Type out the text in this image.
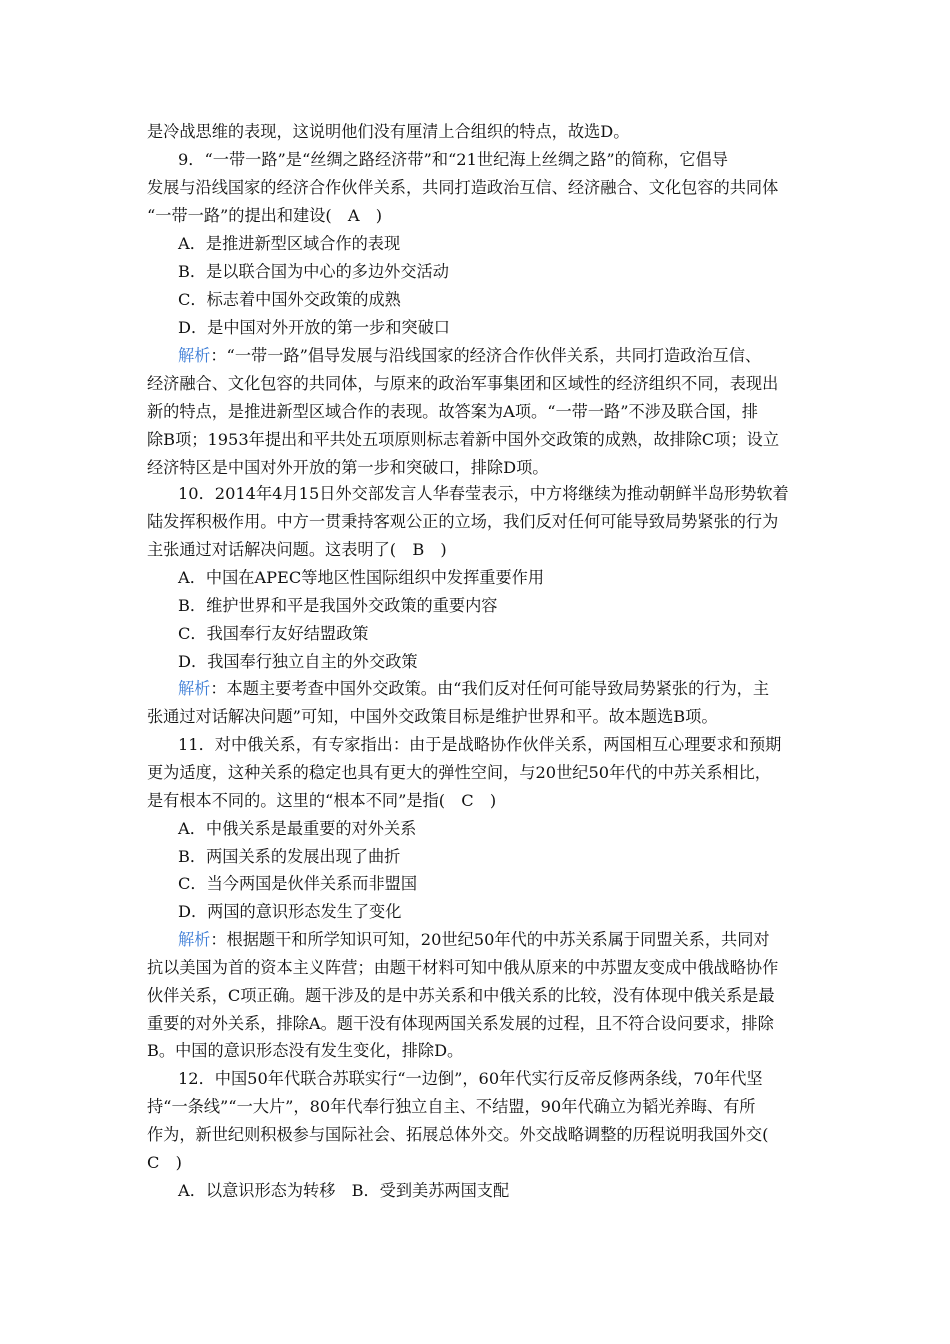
是冷战思维的表现，这说明他们没有厘清上合组织的特点，故选D。
9．“一带一路”是“丝绸之路经济带”和“21世纪海上丝绸之路”的简称，它倡导
发展与沿线国家的经济合作伙伴关系，共同打造政治互信、经济融合、文化包容的共同体
“一带一路”的提出和建设(　A　)
A．是推进新型区域合作的表现
B．是以联合国为中心的多边外交活动
C．标志着中国外交政策的成熟
D．是中国对外开放的第一步和突破口
解析：“一带一路”倡导发展与沿线国家的经济合作伙伴关系，共同打造政治互信、
经济融合、文化包容的共同体，与原来的政治军事集团和区域性的经济组织不同，表现出
新的特点，是推进新型区域合作的表现。故答案为A项。“一带一路”不涉及联合国，排
除B项；1953年提出和平共处五项原则标志着新中国外交政策的成熟，故排除C项；设立
经济特区是中国对外开放的第一步和突破口，排除D项。
10．2014年4月15日外交部发言人华春莹表示，中方将继续为推动朝鲜半岛形势软着
陆发挥积极作用。中方一贯秉持客观公正的立场，我们反对任何可能导致局势紧张的行为
主张通过对话解决问题。这表明了(　B　)
A．中国在APEC等地区性国际组织中发挥重要作用
B．维护世界和平是我国外交政策的重要内容
C．我国奉行友好结盟政策
D．我国奉行独立自主的外交政策
解析：本题主要考查中国外交政策。由“我们反对任何可能导致局势紧张的行为，主
张通过对话解决问题”可知，中国外交政策目标是维护世界和平。故本题选B项。
11．对中俄关系，有专家指出：由于是战略协作伙伴关系，两国相互心理要求和预期
更为适度，这种关系的稳定也具有更大的弹性空间，与20世纪50年代的中苏关系相比，
是有根本不同的。这里的“根本不同”是指(　C　)
A．中俄关系是最重要的对外关系
B．两国关系的发展出现了曲折
C．当今两国是伙伴关系而非盟国
D．两国的意识形态发生了变化
解析：根据题干和所学知识可知，20世纪50年代的中苏关系属于同盟关系，共同对
抗以美国为首的资本主义阵营；由题干材料可知中俄从原来的中苏盟友变成中俄战略协作
伙伴关系，C项正确。题干涉及的是中苏关系和中俄关系的比较，没有体现中俄关系是最
重要的对外关系，排除A。题干没有体现两国关系发展的过程，且不符合设问要求，排除
B。中国的意识形态没有发生变化，排除D。
12．中国50年代联合苏联实行“一边倒”，60年代实行反帝反修两条线，70年代坚
持“一条线”“一大片”，80年代奉行独立自主、不结盟，90年代确立为韬光养晦、有所
作为，新世纪则积极参与国际社会、拓展总体外交。外交战略调整的历程说明我国外交(
C　)
A．以意识形态为转移　B．受到美苏两国支配
